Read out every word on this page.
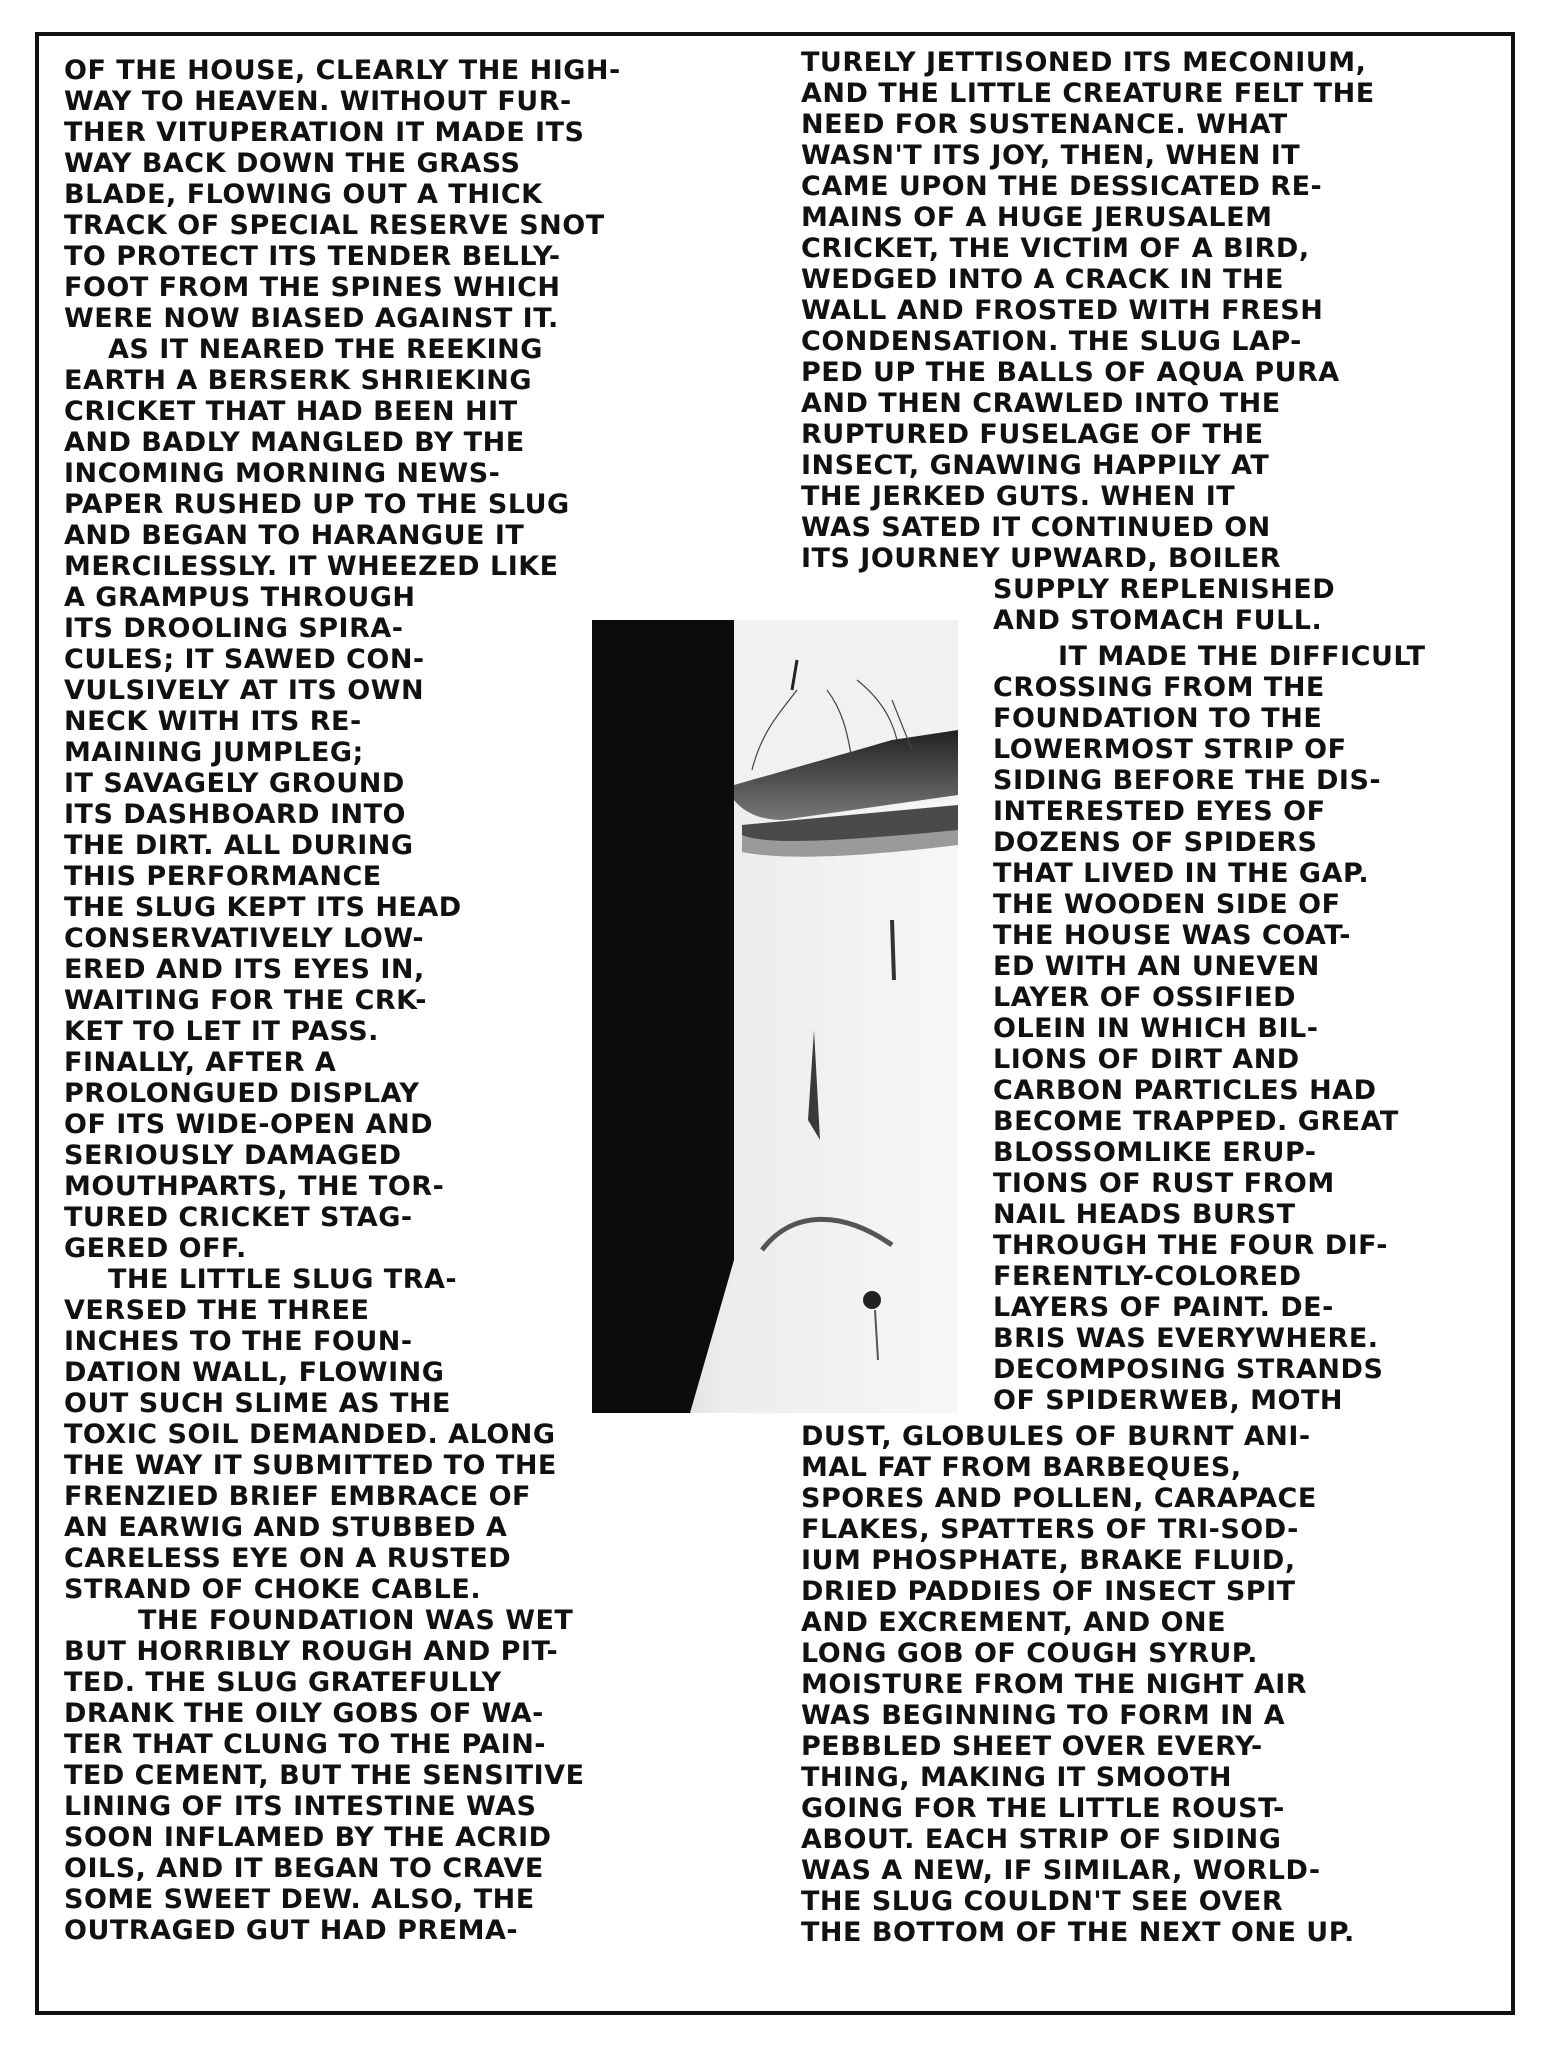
OF THE HOUSE, CLEARLY THE HIGH-

WAY TO HEAVEN. WITHOUT FUR-

THER VITUPERATION IT MADE ITS

WAY BACK DOWN THE GRASS

BLADE, FLOWING OUT A THICK

TRACK OF SPECIAL RESERVE SNOT

TO PROTECT ITS TENDER BELLY-

FOOT FROM THE SPINES WHICH

WERE NOW BIASED AGAINST IT.

AS IT NEARED THE REEKING

EARTH A BERSERK SHRIEKING

CRICKET THAT HAD BEEN HIT

AND BADLY MANGLED BY THE

INCOMING MORNING NEWS-

PAPER RUSHED UP TO THE SLUG

AND BEGAN TO HARANGUE IT

MERCILESSLY. IT WHEEZED LIKE

A GRAMPUS THROUGH

ITS DROOLING SPIRA-

CULES; IT SAWED CON-

VULSIVELY AT ITS OWN

NECK WITH ITS RE-

MAINING JUMPLEG;

IT SAVAGELY GROUND

ITS DASHBOARD INTO

THE DIRT. ALL DURING

THIS PERFORMANCE

THE SLUG KEPT ITS HEAD

CONSERVATIVELY LOW-

ERED AND ITS EYES IN,

WAITING FOR THE CRK-

KET TO LET IT PASS.

FINALLY, AFTER A

PROLONGUED DISPLAY

OF ITS WIDE-OPEN AND

SERIOUSLY DAMAGED

MOUTHPARTS, THE TOR-

TURED CRICKET STAG-

GERED OFF.

THE LITTLE SLUG TRA-

VERSED THE THREE

INCHES TO THE FOUN-

DATION WALL, FLOWING

OUT SUCH SLIME AS THE

TOXIC SOIL DEMANDED. ALONG

THE WAY IT SUBMITTED TO THE

FRENZIED BRIEF EMBRACE OF

AN EARWIG AND STUBBED A

CARELESS EYE ON A RUSTED

STRAND OF CHOKE CABLE.

THE FOUNDATION WAS WET

BUT HORRIBLY ROUGH AND PIT-

TED. THE SLUG GRATEFULLY

DRANK THE OILY GOBS OF WA-

TER THAT CLUNG TO THE PAIN-

TED CEMENT, BUT THE SENSITIVE

LINING OF ITS INTESTINE WAS

SOON INFLAMED BY THE ACRID

OILS, AND IT BEGAN TO CRAVE

SOME SWEET DEW. ALSO, THE

OUTRAGED GUT HAD PREMA-

TURELY JETTISONED ITS MECONIUM,

AND THE LITTLE CREATURE FELT THE

NEED FOR SUSTENANCE. WHAT

WASN'T ITS JOY, THEN, WHEN IT

CAME UPON THE DESSICATED RE-

MAINS OF A HUGE JERUSALEM

CRICKET, THE VICTIM OF A BIRD,

WEDGED INTO A CRACK IN THE

WALL AND FROSTED WITH FRESH

CONDENSATION. THE SLUG LAP-

PED UP THE BALLS OF AQUA PURA

AND THEN CRAWLED INTO THE

RUPTURED FUSELAGE OF THE

INSECT, GNAWING HAPPILY AT

THE JERKED GUTS. WHEN IT

WAS SATED IT CONTINUED ON

ITS JOURNEY UPWARD, BOILER

SUPPLY REPLENISHED

AND STOMACH FULL.

IT MADE THE DIFFICULT

CROSSING FROM THE

FOUNDATION TO THE

LOWERMOST STRIP OF

SIDING BEFORE THE DIS-

INTERESTED EYES OF

DOZENS OF SPIDERS

THAT LIVED IN THE GAP.

THE WOODEN SIDE OF

THE HOUSE WAS COAT-

ED WITH AN UNEVEN

LAYER OF OSSIFIED

OLEIN IN WHICH BIL-

LIONS OF DIRT AND

CARBON PARTICLES HAD

BECOME TRAPPED. GREAT

BLOSSOMLIKE ERUP-

TIONS OF RUST FROM

NAIL HEADS BURST

THROUGH THE FOUR DIF-

FERENTLY-COLORED

LAYERS OF PAINT. DE-

BRIS WAS EVERYWHERE.

DECOMPOSING STRANDS

OF SPIDERWEB, MOTH

DUST, GLOBULES OF BURNT ANI-

MAL FAT FROM BARBEQUES,

SPORES AND POLLEN, CARAPACE

FLAKES, SPATTERS OF TRI-SOD-

IUM PHOSPHATE, BRAKE FLUID,

DRIED PADDIES OF INSECT SPIT

AND EXCREMENT, AND ONE

LONG GOB OF COUGH SYRUP.

MOISTURE FROM THE NIGHT AIR

WAS BEGINNING TO FORM IN A

PEBBLED SHEET OVER EVERY-

THING, MAKING IT SMOOTH

GOING FOR THE LITTLE ROUST-

ABOUT. EACH STRIP OF SIDING

WAS A NEW, IF SIMILAR, WORLD-

THE SLUG COULDN'T SEE OVER

THE BOTTOM OF THE NEXT ONE UP.
